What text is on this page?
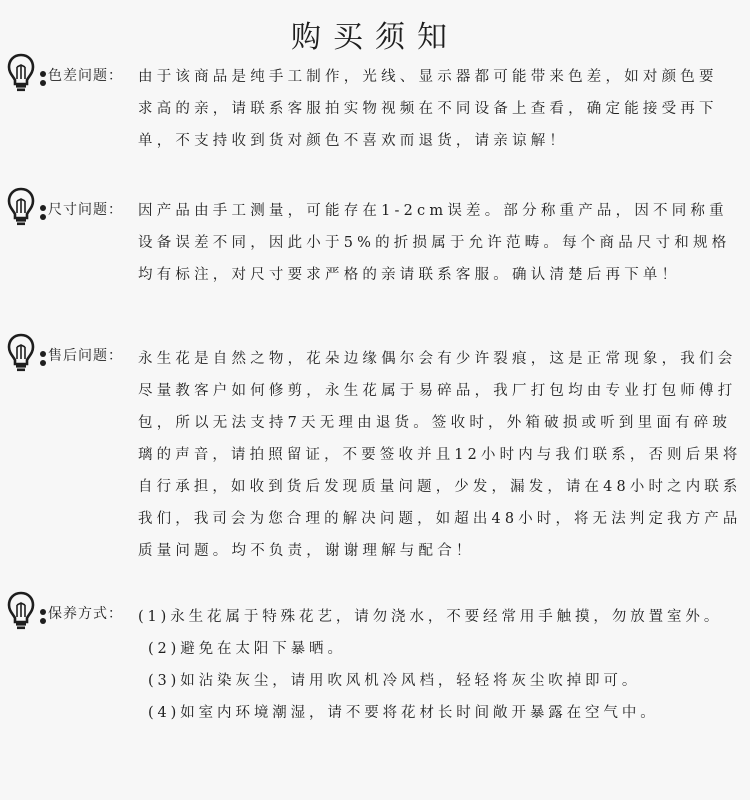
购买须知
色差问题： 由于该商品是纯手工制作，光线、显示器都可能带来色差，如对颜色要
求高的亲，请联系客服拍实物视频在不同设备上查看，确定能接受再下
单，不支持收到货对颜色不喜欢而退货，请亲谅解！
尺寸问题： 因产品由手工测量，可能存在1-2cm误差。部分称重产品，因不同称重
设备误差不同，因此小于5%的折损属于允许范畴。每个商品尺寸和规格
均有标注，对尺寸要求严格的亲请联系客服。确认清楚后再下单！
售后问题： 永生花是自然之物，花朵边缘偶尔会有少许裂痕，这是正常现象，我们会
尽量教客户如何修剪，永生花属于易碎品，我厂打包均由专业打包师傅打
包，所以无法支持7天无理由退货。签收时，外箱破损或听到里面有碎玻
璃的声音，请拍照留证，不要签收并且12小时内与我们联系，否则后果将
自行承担，如收到货后发现质量问题，少发，漏发，请在48小时之内联系
我们，我司会为您合理的解决问题，如超出48小时，将无法判定我方产品
质量问题。均不负责，谢谢理解与配合！
保养方式： (1)永生花属于特殊花艺，请勿浇水，不要经常用手触摸，勿放置室外。
(2)避免在太阳下暴晒。
(3)如沾染灰尘，请用吹风机冷风档，轻轻将灰尘吹掉即可。
(4)如室内环境潮湿，请不要将花材长时间敞开暴露在空气中。
